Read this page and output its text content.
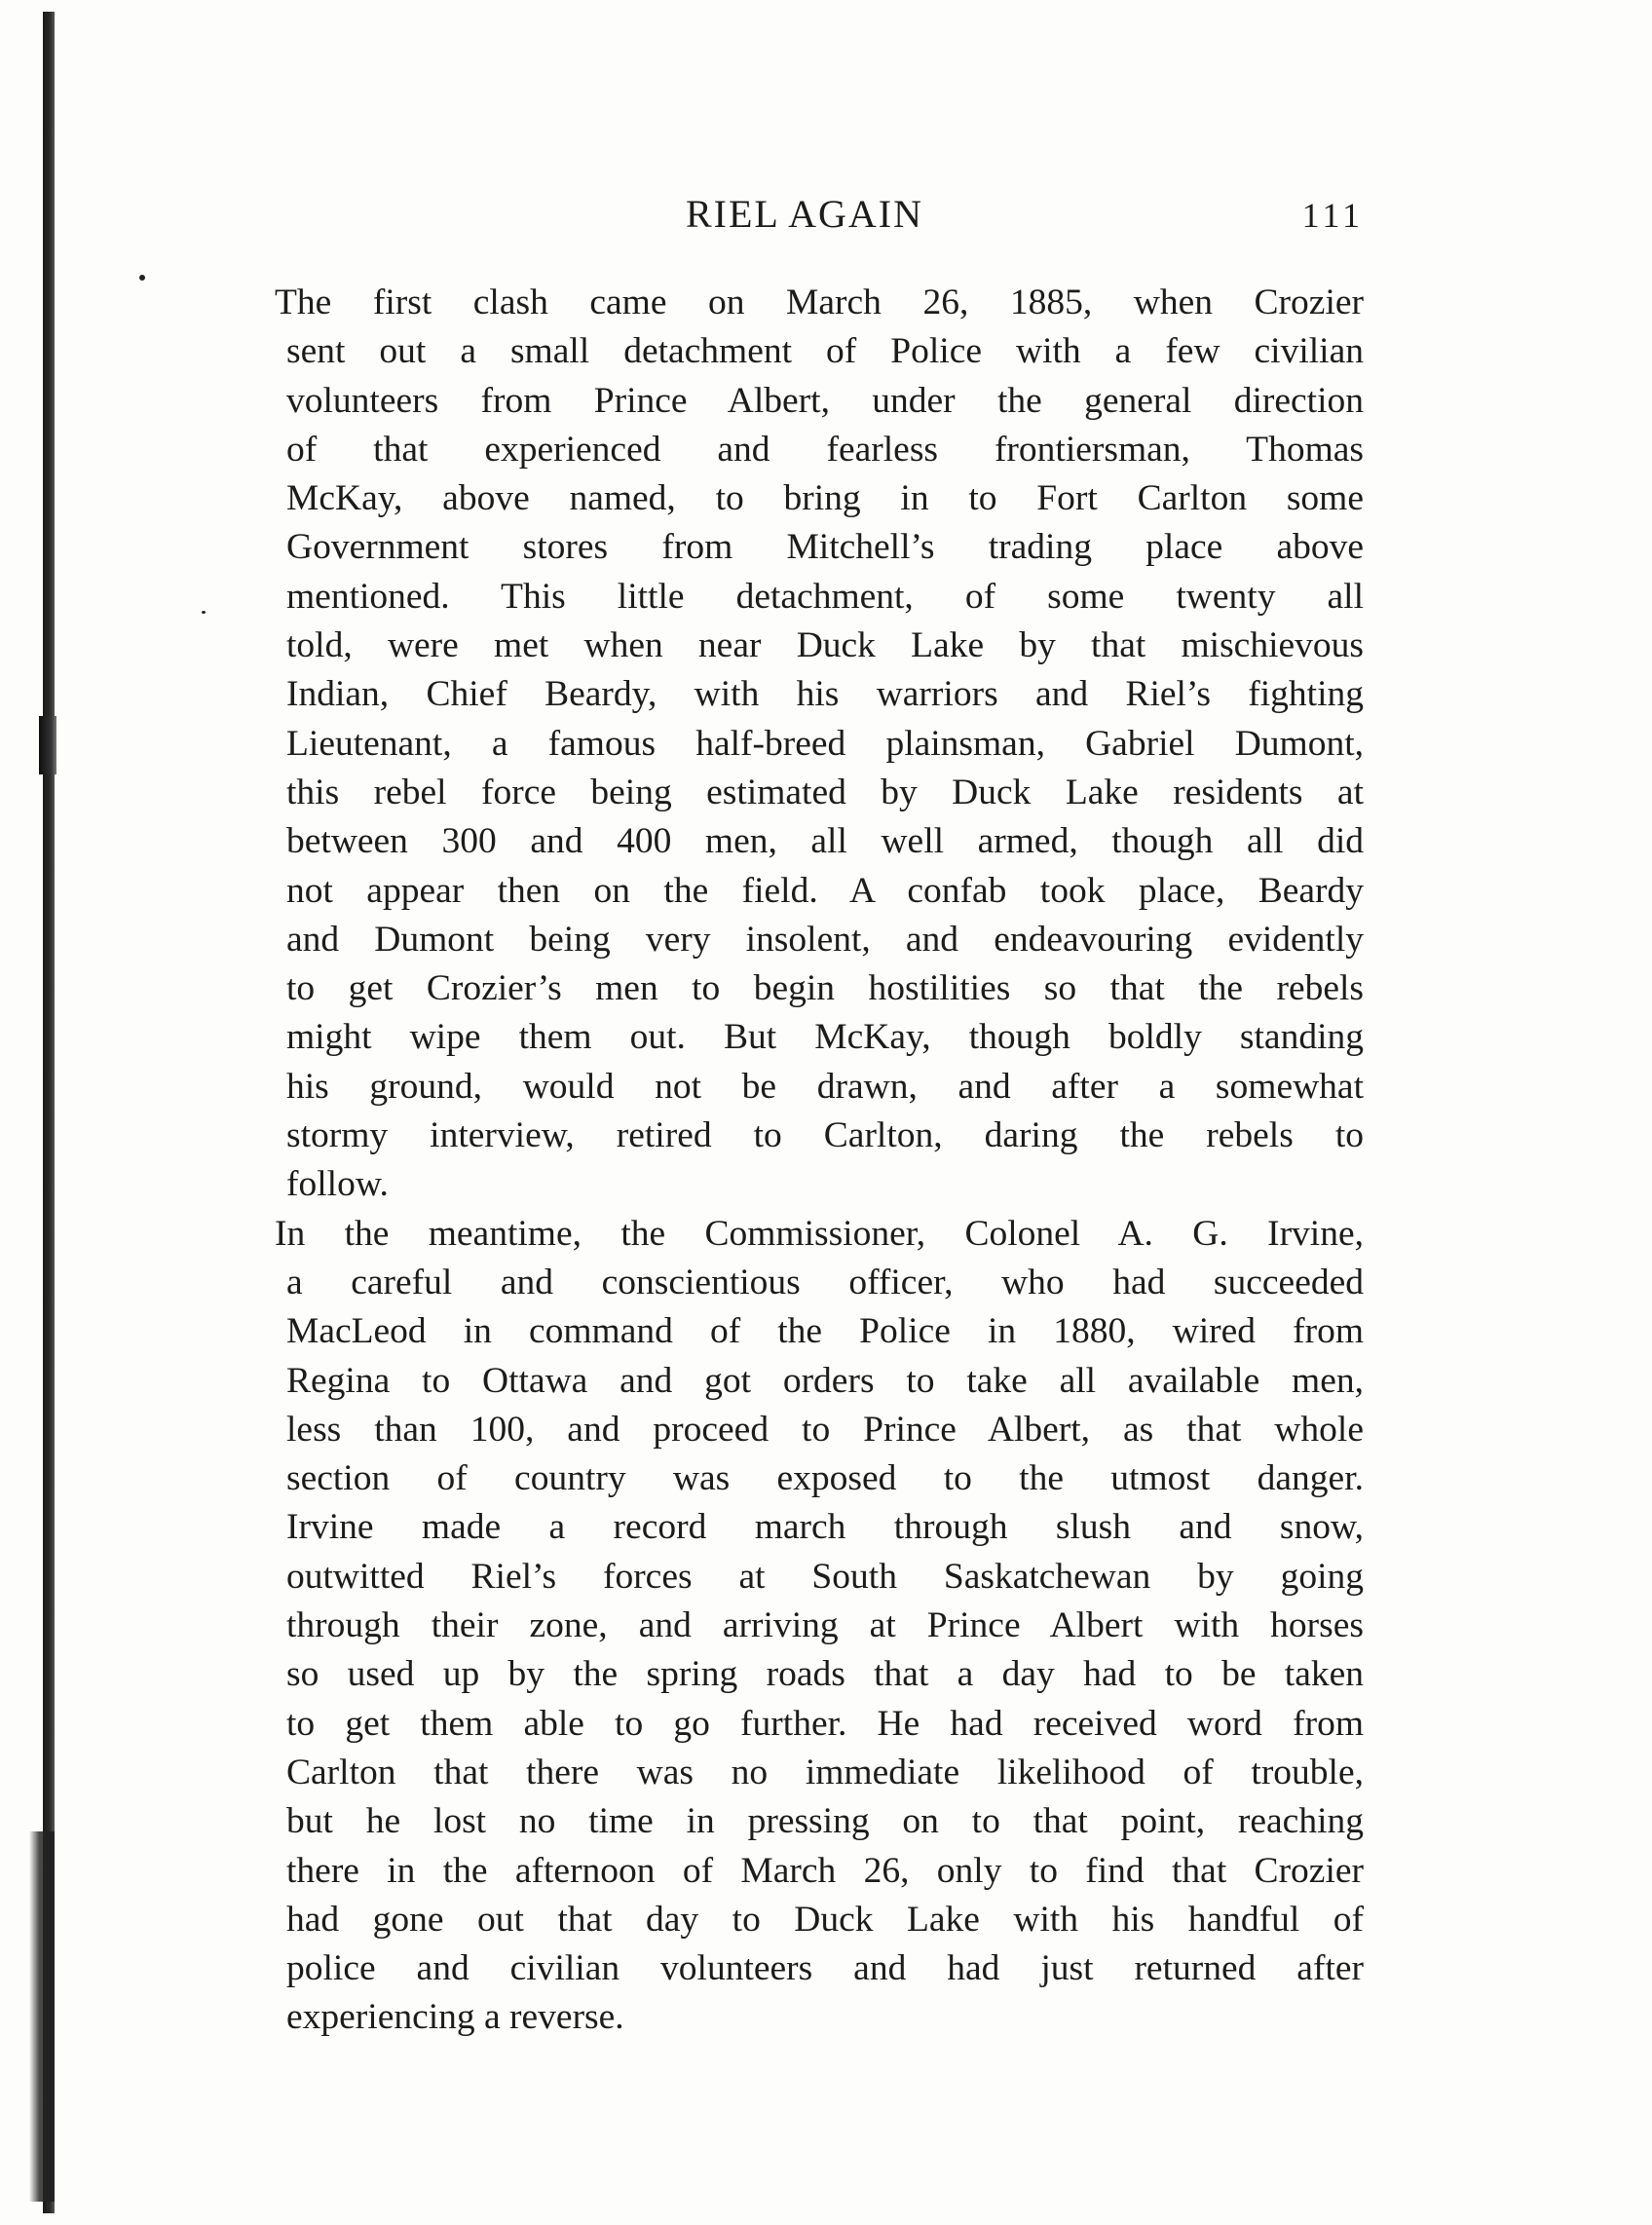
RIEL AGAIN	111
The first clash came on March 26, 1885, when Crozier
sent out a small detachment of Police with a few civilian
volunteers from Prince Albert, under the general direction
of that experienced and fearless frontiersman, Thomas
McKay, above named, to bring in to Fort Carlton some
Government stores from Mitchell’s trading place above
mentioned. This little detachment, of some twenty all
told, were met when near Duck Lake by that mischievous
Indian, Chief Beardy, with his warriors and Riel’s fighting
Lieutenant, a famous half-breed plainsman, Gabriel Dumont,
this rebel force being estimated by Duck Lake residents at
between 300 and 400 men, all well armed, though all did
not appear then on the field. A confab took place, Beardy
and Dumont being very insolent, and endeavouring evidently
to get Crozier’s men to begin hostilities so that the rebels
might wipe them out. But McKay, though boldly standing
his ground, would not be drawn, and after a somewhat
stormy interview, retired to Carlton, daring the rebels to
follow.
In the meantime, the Commissioner, Colonel A. G. Irvine,
a careful and conscientious officer, who had succeeded
MacLeod in command of the Police in 1880, wired from
Regina to Ottawa and got orders to take all available men,
less than 100, and proceed to Prince Albert, as that whole
section of country was exposed to the utmost danger.
Irvine made a record march through slush and snow,
outwitted Riel’s forces at South Saskatchewan by going
through their zone, and arriving at Prince Albert with horses
so used up by the spring roads that a day had to be taken
to get them able to go further. He had received word from
Carlton that there was no immediate likelihood of trouble,
but he lost no time in pressing on to that point, reaching
there in the afternoon of March 26, only to find that Crozier
had gone out that day to Duck Lake with his handful of
police and civilian volunteers and had just returned after
experiencing a reverse.
